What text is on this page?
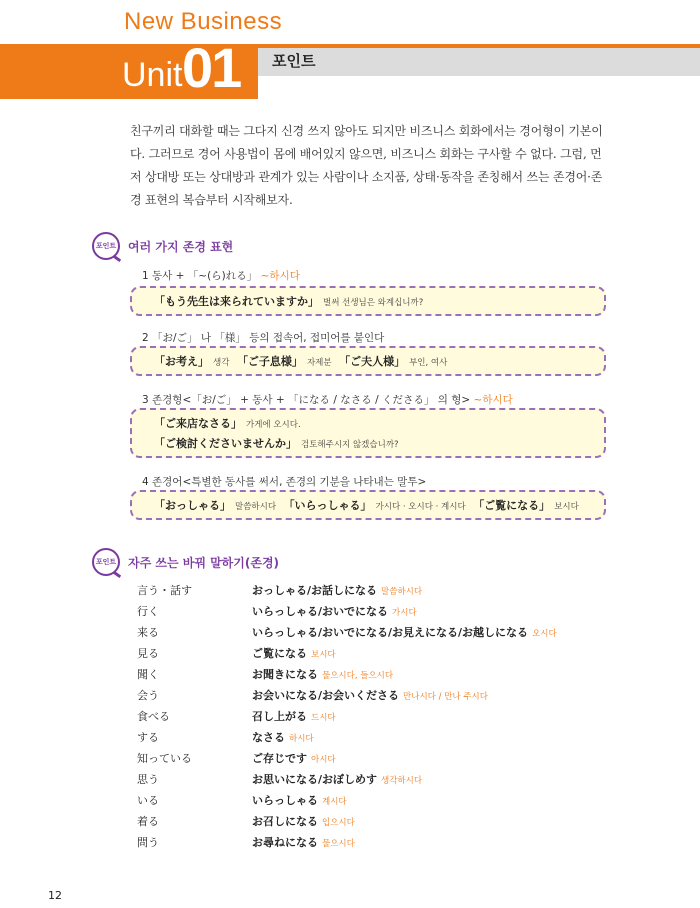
New Business
Unit 01 포인트
친구끼리 대화할 때는 그다지 신경 쓰지 않아도 되지만 비즈니스 회화에서는 경어형이 기본이다. 그러므로 경어 사용법이 몸에 배어있지 않으면, 비즈니스 회화는 구사할 수 없다. 그럼, 먼저 상대방 또는 상대방과 관계가 있는 사람이나 소지품, 상태·동작을 존칭해서 쓰는 존경어·존경 표현의 복습부터 시작해보자.
포인트 여러 가지 존경 표현
1 동사 + 「~(ら)れる」 ~하시다
「もう先生は来られていますか」 벌써 선생님은 와계십니까?
2 「お/ご」 나 「様」 등의 접속어, 접미어를 붙인다
「お考え」 생각 「ご子息様」 자제분 「ご夫人様」 부인, 여사
3 존경형<「お/ご」 + 동사 + 「になる / なさる / くださる」 의 형> ~하시다
「ご来店なさる」 가게에 오시다.
「ご検討くださいませんか」 검토해주시지 않겠습니까?
4 존경어<특별한 동사를 써서, 존경의 기분을 나타내는 말투>
「おっしゃる」 말씀하시다 「いらっしゃる」 가시다 · 오시다 · 계시다 「ご覧になる」 보시다
포인트 자주 쓰는 바꿔 말하기(존경)
言う・話す	おっしゃる/お話しになる 말씀하시다
行く	いらっしゃる/おいでになる 가시다
来る	いらっしゃる/おいでになる/お見えになる/お越しになる 오시다
見る	ご覧になる 보시다
聞く	お聞きになる 물으시다, 들으시다
会う	お会いになる/お会いくださる 만나시다 / 만나 주시다
食べる	召し上がる 드시다
する	なさる 하시다
知っている	ご存じです 아시다
思う	お思いになる/おぼしめす 생각하시다
いる	いらっしゃる 계시다
着る	お召しになる 입으시다
問う	お尋ねになる 물으시다
12
